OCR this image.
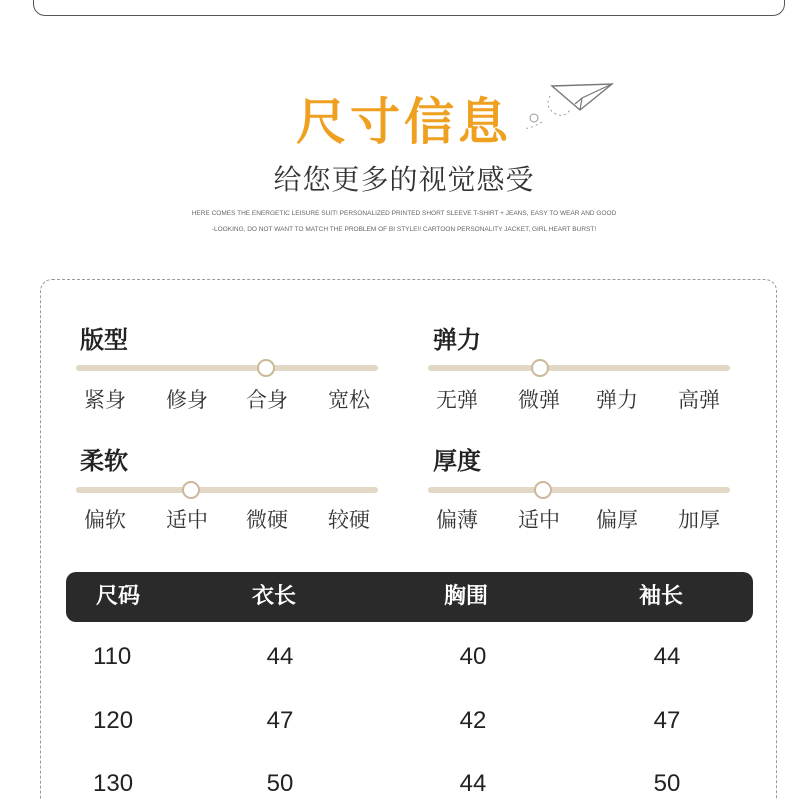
尺寸信息
给您更多的视觉感受
HERE COMES THE ENERGETIC LEISURE SUIT! PERSONALIZED PRINTED SHORT SLEEVE T-SHIRT + JEANS, EASY TO WEAR AND GOOD
-LOOKING, DO NOT WANT TO MATCH THE PROBLEM OF BI STYLE!! CARTOON PERSONALITY JACKET, GIRL HEART BURST!
版型
紧身 修身 合身 宽松
弹力
无弹 微弹 弹力 高弹
柔软
偏软 适中 微硬 较硬
厚度
偏薄 适中 偏厚 加厚
尺码	衣长	胸围	袖长
110	44	40	44
120	47	42	47
130	50	44	50
